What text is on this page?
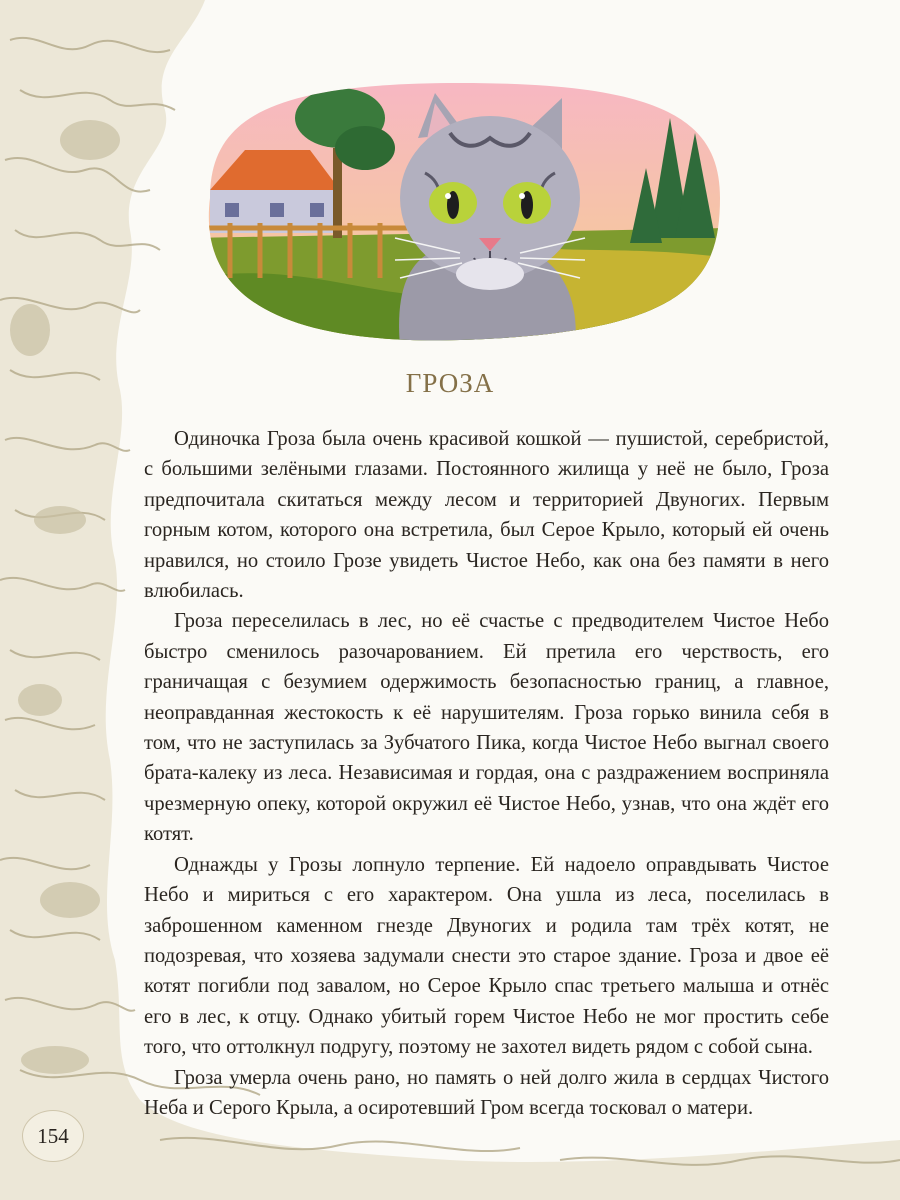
ГРОЗА

Одиночка Гроза была очень красивой кошкой — пушистой, серебристой, с большими зелёными глазами. Постоянного жилища у неё не было, Гроза предпочитала скитаться между лесом и территорией Двуногих. Первым горным котом, которого она встретила, был Серое Крыло, который ей очень нравился, но стоило Грозе увидеть Чистое Небо, как она без памяти в него влюбилась.

Гроза переселилась в лес, но её счастье с предводителем Чистое Небо быстро сменилось разочарованием. Ей претила его черствость, его граничащая с безумием одержимость безопасностью границ, а главное, неоправданная жестокость к её нарушителям. Гроза горько винила себя в том, что не заступилась за Зубчатого Пика, когда Чистое Небо выгнал своего брата-калеку из леса. Независимая и гордая, она с раздражением восприняла чрезмерную опеку, которой окружил её Чистое Небо, узнав, что она ждёт его котят.

Однажды у Грозы лопнуло терпение. Ей надоело оправдывать Чистое Небо и мириться с его характером. Она ушла из леса, поселилась в заброшенном каменном гнезде Двуногих и родила там трёх котят, не подозревая, что хозяева задумали снести это старое здание. Гроза и двое её котят погибли под завалом, но Серое Крыло спас третьего малыша и отнёс его в лес, к отцу. Однако убитый горем Чистое Небо не мог простить себе того, что оттолкнул подругу, поэтому не захотел видеть рядом с собой сына.

Гроза умерла очень рано, но память о ней долго жила в сердцах Чистого Неба и Серого Крыла, а осиротевший Гром всегда тосковал о матери.

154
